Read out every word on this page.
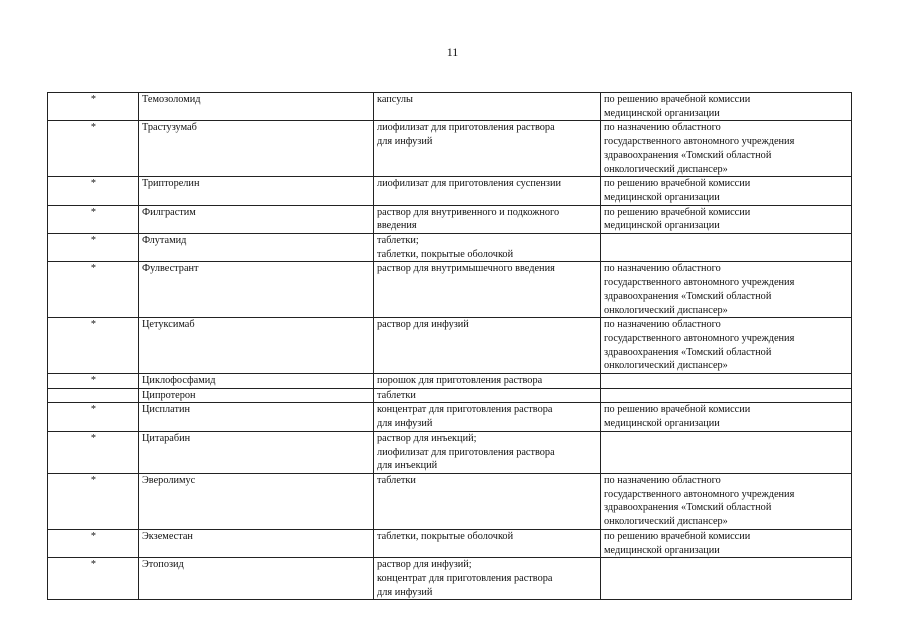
11
*	Темозоломид	капсулы	по решению врачебной комиссии
медицинской организации
*	Трастузумаб	лиофилизат для приготовления раствора
для инфузий	по назначению областного
государственного автономного учреждения
здравоохранения «Томский областной
онкологический диспансер»
*	Трипторелин	лиофилизат для приготовления суспензии	по решению врачебной комиссии
медицинской организации
*	Филграстим	раствор для внутривенного и подкожного
введения	по решению врачебной комиссии
медицинской организации
*	Флутамид	таблетки;
таблетки, покрытые оболочкой	
*	Фулвестрант	раствор для внутримышечного введения	по назначению областного
государственного автономного учреждения
здравоохранения «Томский областной
онкологический диспансер»
*	Цетуксимаб	раствор для инфузий	по назначению областного
государственного автономного учреждения
здравоохранения «Томский областной
онкологический диспансер»
*	Циклофосфамид	порошок для приготовления раствора	
	Ципротерон	таблетки	
*	Цисплатин	концентрат для приготовления раствора
для инфузий	по решению врачебной комиссии
медицинской организации
*	Цитарабин	раствор для инъекций;
лиофилизат для приготовления раствора
для инъекций	
*	Эверолимус	таблетки	по назначению областного
государственного автономного учреждения
здравоохранения «Томский областной
онкологический диспансер»
*	Экземестан	таблетки, покрытые оболочкой	по решению врачебной комиссии
медицинской организации
*	Этопозид	раствор для инфузий;
концентрат для приготовления раствора
для инфузий	
